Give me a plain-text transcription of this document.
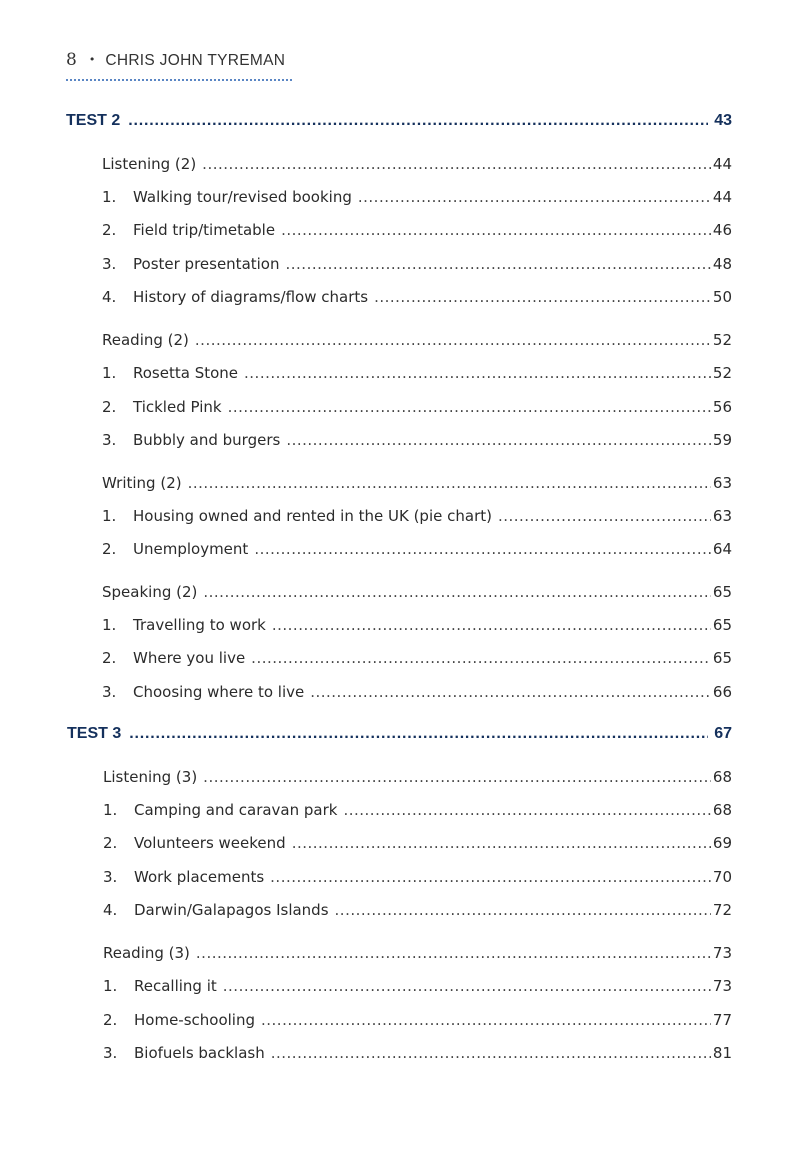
8 • CHRIS JOHN TYREMAN
TEST 2 .....	43
Listening (2) .....	44
1.	Walking tour/revised booking .....	44
2.	Field trip/timetable .....	46
3.	Poster presentation .....	48
4.	History of diagrams/flow charts .....	50
Reading (2) .....	52
1.	Rosetta Stone .....	52
2.	Tickled Pink .....	56
3.	Bubbly and burgers .....	59
Writing (2) .....	63
1.	Housing owned and rented in the UK (pie chart) .....	63
2.	Unemployment .....	64
Speaking (2) .....	65
1.	Travelling to work .....	65
2.	Where you live .....	65
3.	Choosing where to live .....	66
TEST 3 .....	67
Listening (3) .....	68
1.	Camping and caravan park .....	68
2.	Volunteers weekend .....	69
3.	Work placements .....	70
4.	Darwin/Galapagos Islands .....	72
Reading (3) .....	73
1.	Recalling it .....	73
2.	Home-schooling .....	77
3.	Biofuels backlash .....	81
